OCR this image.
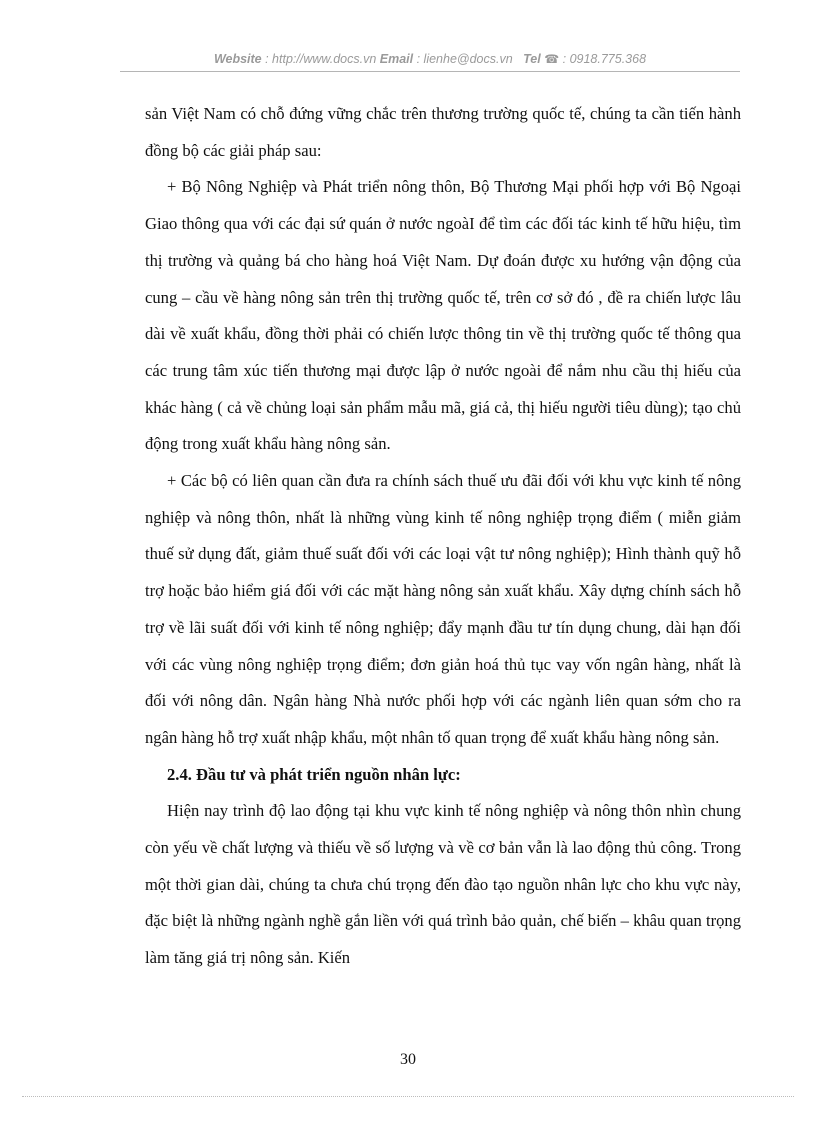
Website : http://www.docs.vn Email : lienhe@docs.vn Tel ☎ : 0918.775.368

sản Việt Nam có chỗ đứng vững chắc trên thương trường quốc tế, chúng ta cần tiến hành đồng bộ các giải pháp sau:

+ Bộ Nông Nghiệp và Phát triển nông thôn, Bộ Thương Mại phối hợp với Bộ Ngoại Giao thông qua với các đại sứ quán ở nước ngoàI để tìm các đối tác kinh tế hữu hiệu, tìm thị trường và quảng bá cho hàng hoá Việt Nam. Dự đoán được xu hướng vận động của cung – cầu về hàng nông sản trên thị trường quốc tế, trên cơ sở đó , đề ra chiến lược lâu dài về xuất khẩu, đồng thời phải có chiến lược thông tin về thị trường quốc tế thông qua các trung tâm xúc tiến thương mại được lập ở nước ngoài để nắm nhu cầu thị hiếu của khác hàng ( cả về chủng loại sản phẩm mẫu mã, giá cả, thị hiếu người tiêu dùng); tạo chủ động trong xuất khẩu hàng nông sản.

+ Các bộ có liên quan cần đưa ra chính sách thuế ưu đãi đối với khu vực kinh tế nông nghiệp và nông thôn, nhất là những vùng kinh tế nông nghiệp trọng điểm ( miễn giảm thuế sử dụng đất, giảm thuế suất đối với các loại vật tư nông nghiệp); Hình thành quỹ hỗ trợ hoặc bảo hiểm giá đối với các mặt hàng nông sản xuất khẩu. Xây dựng chính sách hỗ trợ về lãi suất đối với kinh tế nông nghiệp; đẩy mạnh đầu tư tín dụng chung, dài hạn đối với các vùng nông nghiệp trọng điểm; đơn giản hoá thủ tục vay vốn ngân hàng, nhất là đối với nông dân. Ngân hàng Nhà nước phối hợp với các ngành liên quan sớm cho ra ngân hàng hỗ trợ xuất nhập khẩu, một nhân tố quan trọng để xuất khẩu hàng nông sản.

2.4. Đầu tư và phát triển nguồn nhân lực:

Hiện nay trình độ lao động tại khu vực kinh tế nông nghiệp và nông thôn nhìn chung còn yếu về chất lượng và thiếu về số lượng và về cơ bản vẫn là lao động thủ công. Trong một thời gian dài, chúng ta chưa chú trọng đến đào tạo nguồn nhân lực cho khu vực này, đặc biệt là những ngành nghề gắn liền với quá trình bảo quản, chế biến – khâu quan trọng làm tăng giá trị nông sản. Kiến

30
